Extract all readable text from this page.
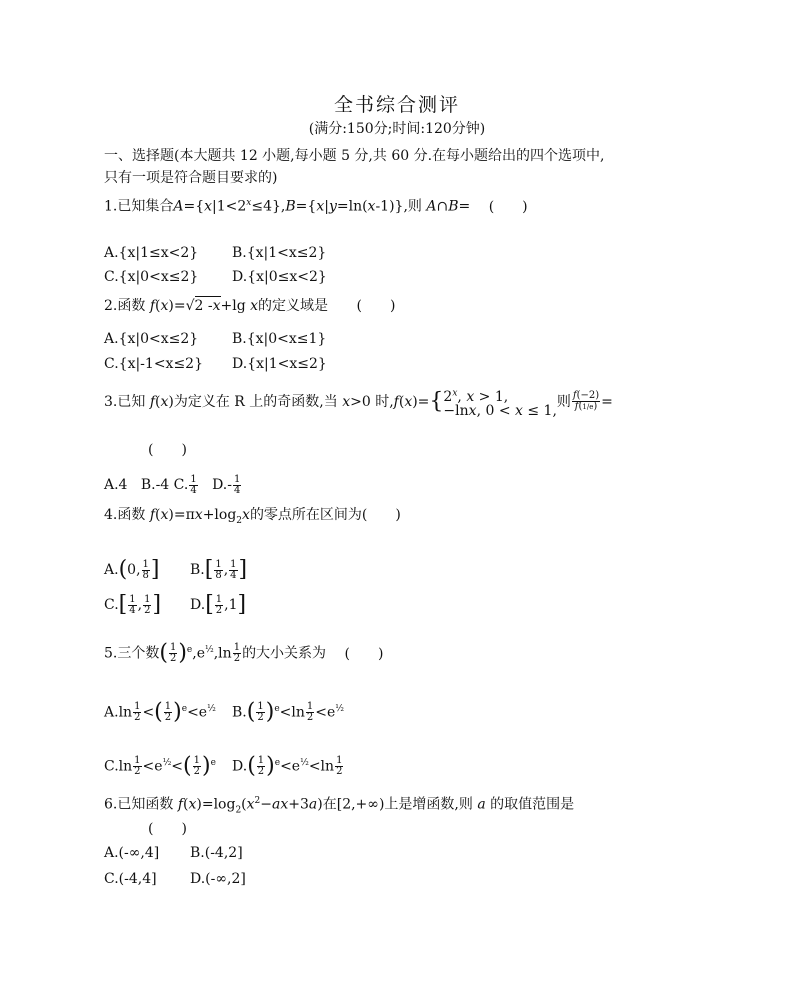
全书综合测评
(满分:150分;时间:120分钟)
一、选择题(本大题共 12 小题,每小题 5 分,共 60 分.在每小题给出的四个选项中,
只有一项是符合题目要求的)
1.已知集合$A=\{x|1<2^x\le 4\},B=\{x|y=\ln(x-1)\}$,则 A∩B= (　　)
A.{x|1≤x<2} B.{x|1<x≤2}
C.{x|0<x≤2} D.{x|0≤x<2}
2.函数 f(x)=√2 -x+lg x的定义域是 (　　)
A.{x|0<x≤2} B.{x|0<x≤1}
C.{x|-1<x≤2} D.{x|1<x≤2}
3.已知 f(x)为定义在 R 上的奇函数,当 x>0 时$,f(x)=\{2^x$, x > 1,
−lnx, 0 < x ≤ 1,则 $\frac{f(-2)}{f(1/e)}$ =
(　　)
A.4 B.-4 C. $\frac{1}{4} D.- \frac{1}{4}$
4.函数 $f(x)=\pi x+\log_2x$的零点所在区间为(　　)
A.(0, $\frac{1}{8}$ ] $B.[ \frac{1}{8}$ , $\frac{1}{4}$ ]
$C.[ \frac{1}{4}$ , $\frac{1}{2}$ ] $D.[ \frac{1}{2} ,1]$
5.三个数( $\frac{1}{2} )^e,e^{\frac{1}{2}},\ln \frac{1}{2}$ 的大小关系为 (　　)
$A.\ln \frac{1}{2}$ <( $\frac{1}{2} )^e<e^{\frac{1}{2}}$ $B.( \frac{1}{2} )^e<\ln \frac{1}{2} <e^{\frac{1}{2}}$
$C.\ln \frac{1}{2} <e^{\frac{1}{2}}<( \frac{1}{2} )^e$ $D.( \frac{1}{2} )^e<e^{\frac{1}{2}}<\ln \frac{1}{2}$
6.已知函数 $f(x)=\log_2(x^2-ax+3a)$在[2,+∞)上是增函数,则 a 的取值范围是
(　　)
A.(-∞,4] B.(-4,2]
C.(-4,4] D.(-∞,2]
